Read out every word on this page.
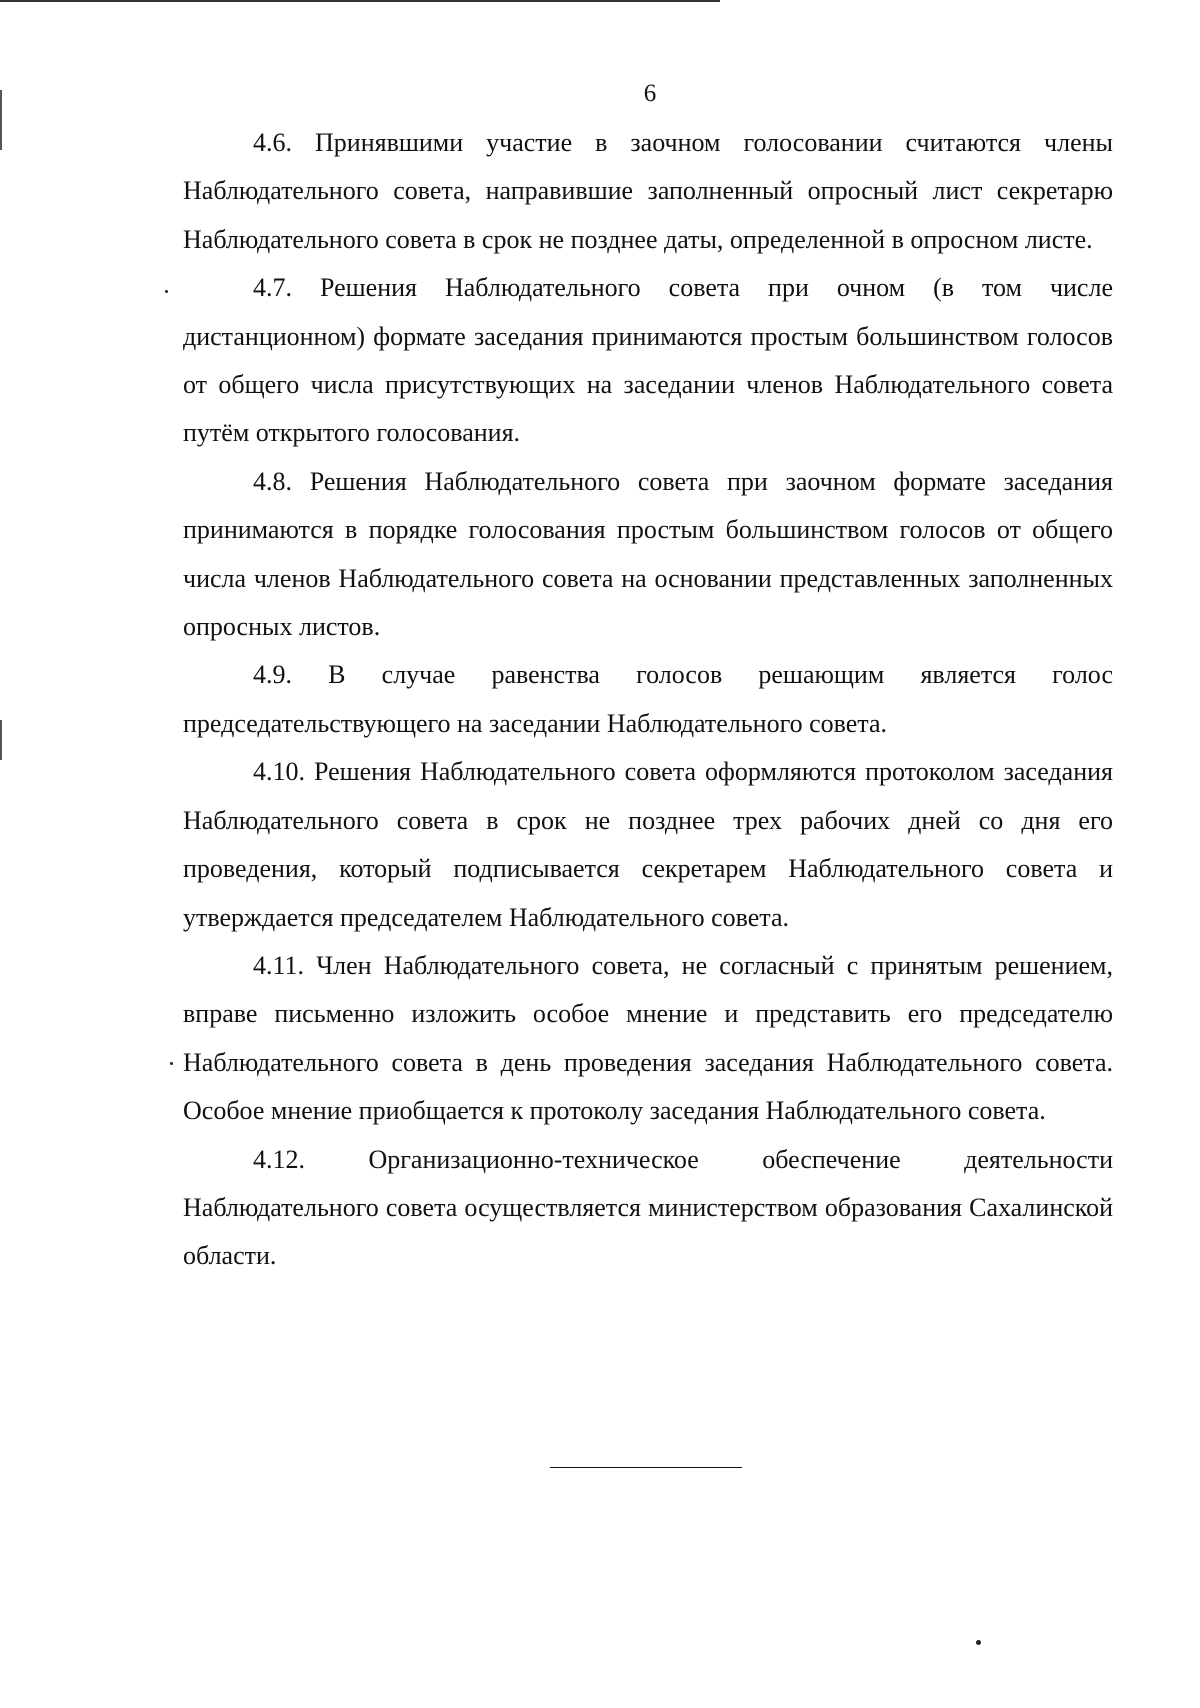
6

4.6. Принявшими участие в заочном голосовании считаются члены Наблюдательного совета, направившие заполненный опросный лист секретарю Наблюдательного совета в срок не позднее даты, определенной в опросном листе.

4.7. Решения Наблюдательного совета при очном (в том числе дистанционном) формате заседания принимаются простым большинством голосов от общего числа присутствующих на заседании членов Наблюдательного совета путём открытого голосования.

4.8. Решения Наблюдательного совета при заочном формате заседания принимаются в порядке голосования простым большинством голосов от общего числа членов Наблюдательного совета на основании представленных заполненных опросных листов.

4.9. В случае равенства голосов решающим является голос председательствующего на заседании Наблюдательного совета.

4.10. Решения Наблюдательного совета оформляются протоколом заседания Наблюдательного совета в срок не позднее трех рабочих дней со дня его проведения, который подписывается секретарем Наблюдательного совета и утверждается председателем Наблюдательного совета.

4.11. Член Наблюдательного совета, не согласный с принятым решением, вправе письменно изложить особое мнение и представить его председателю Наблюдательного совета в день проведения заседания Наблюдательного совета. Особое мнение приобщается к протоколу заседания Наблюдательного совета.

4.12. Организационно-техническое обеспечение деятельности Наблюдательного совета осуществляется министерством образования Сахалинской области.
